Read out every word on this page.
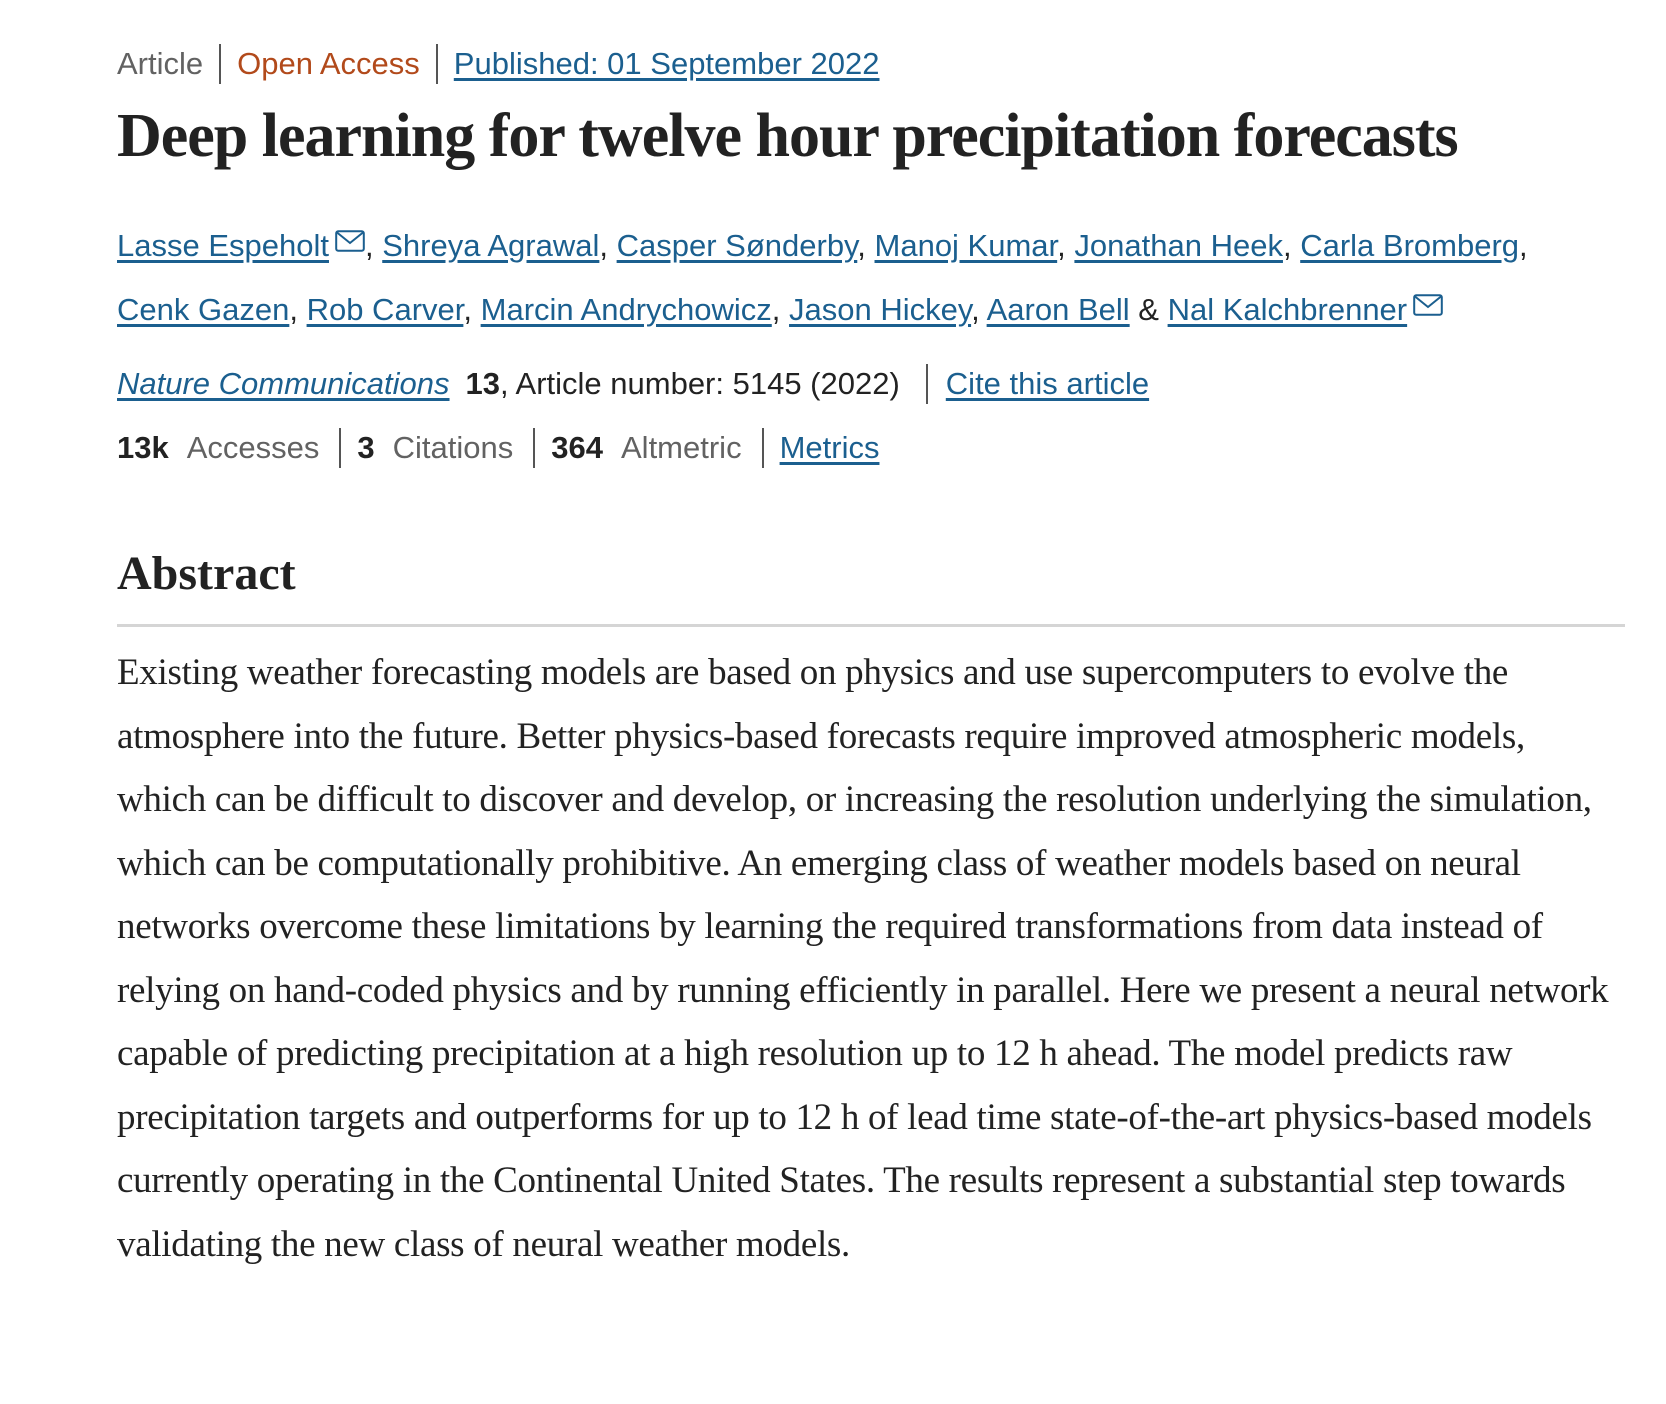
Article Open Access Published: 01 September 2022
Deep learning for twelve hour precipitation forecasts
Lasse Espeholt , Shreya Agrawal, Casper Sønderby, Manoj Kumar, Jonathan Heek, Carla Bromberg, Cenk Gazen, Rob Carver, Marcin Andrychowicz, Jason Hickey, Aaron Bell & Nal Kalchbrenner
Nature Communications 13 , Article number: 5145 (2022) Cite this article
13k Accesses 3 Citations 364 Altmetric Metrics
Abstract

Existing weather forecasting models are based on physics and use supercomputers to evolve the atmosphere into the future. Better physics-based forecasts require improved atmospheric models, which can be difficult to discover and develop, or increasing the resolution underlying the simulation, which can be computationally prohibitive. An emerging class of weather models based on neural networks overcome these limitations by learning the required transformations from data instead of relying on hand-coded physics and by running efficiently in parallel. Here we present a neural network capable of predicting precipitation at a high resolution up to 12 h ahead. The model predicts raw precipitation targets and outperforms for up to 12 h of lead time state-of-the-art physics-based models currently operating in the Continental United States. The results represent a substantial step towards validating the new class of neural weather models.
